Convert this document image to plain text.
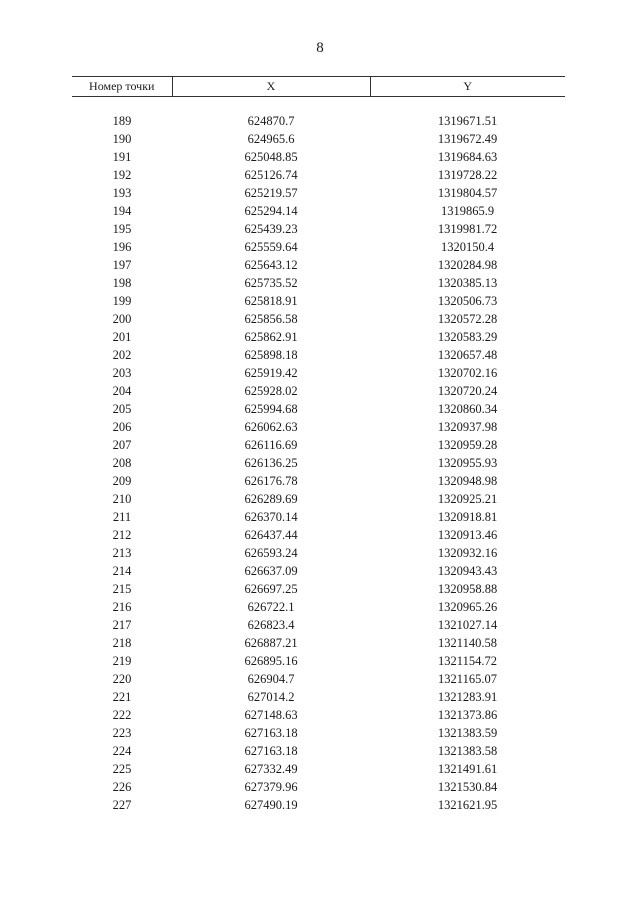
8
Номер точки	X	Y

189	624870.7	1319671.51
190	624965.6	1319672.49
191	625048.85	1319684.63
192	625126.74	1319728.22
193	625219.57	1319804.57
194	625294.14	1319865.9
195	625439.23	1319981.72
196	625559.64	1320150.4
197	625643.12	1320284.98
198	625735.52	1320385.13
199	625818.91	1320506.73
200	625856.58	1320572.28
201	625862.91	1320583.29
202	625898.18	1320657.48
203	625919.42	1320702.16
204	625928.02	1320720.24
205	625994.68	1320860.34
206	626062.63	1320937.98
207	626116.69	1320959.28
208	626136.25	1320955.93
209	626176.78	1320948.98
210	626289.69	1320925.21
211	626370.14	1320918.81
212	626437.44	1320913.46
213	626593.24	1320932.16
214	626637.09	1320943.43
215	626697.25	1320958.88
216	626722.1	1320965.26
217	626823.4	1321027.14
218	626887.21	1321140.58
219	626895.16	1321154.72
220	626904.7	1321165.07
221	627014.2	1321283.91
222	627148.63	1321373.86
223	627163.18	1321383.59
224	627163.18	1321383.58
225	627332.49	1321491.61
226	627379.96	1321530.84
227	627490.19	1321621.95
